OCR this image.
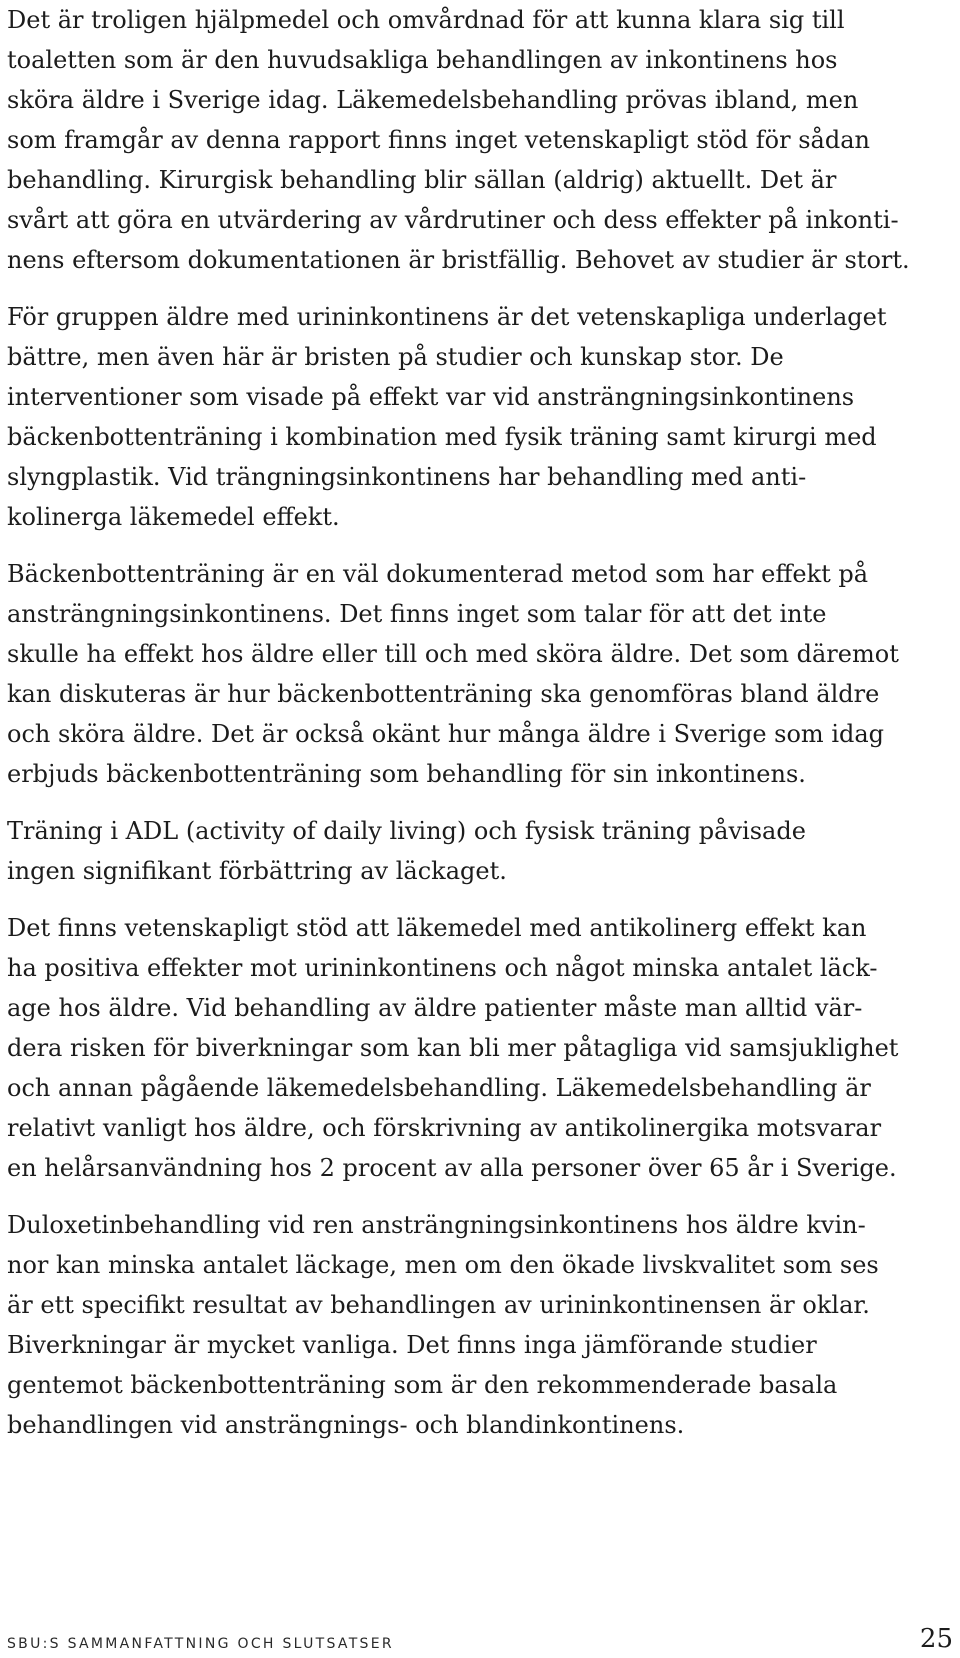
Det är troligen hjälpmedel och omvårdnad för att kunna klara sig till
toaletten som är den huvudsakliga behandlingen av inkontinens hos
sköra äldre i Sverige idag. Läkemedelsbehandling prövas ibland, men
som framgår av denna rapport finns inget vetenskapligt stöd för sådan
behandling. Kirurgisk behandling blir sällan (aldrig) aktuellt. Det är
svårt att göra en utvärdering av vårdrutiner och dess effekter på inkonti-
nens eftersom dokumentationen är bristfällig. Behovet av studier är stort.

För gruppen äldre med urininkontinens är det vetenskapliga underlaget
bättre, men även här är bristen på studier och kunskap stor. De
interventioner som visade på effekt var vid ansträngningsinkontinens
bäckenbottenträning i kombination med fysik träning samt kirurgi med
slyngplastik. Vid trängningsinkontinens har behandling med anti-
kolinerga läkemedel effekt.

Bäckenbottenträning är en väl dokumenterad metod som har effekt på
ansträngningsinkontinens. Det finns inget som talar för att det inte
skulle ha effekt hos äldre eller till och med sköra äldre. Det som däremot
kan diskuteras är hur bäckenbottenträning ska genomföras bland äldre
och sköra äldre. Det är också okänt hur många äldre i Sverige som idag
erbjuds bäckenbottenträning som behandling för sin inkontinens.

Träning i ADL (activity of daily living) och fysisk träning påvisade
ingen signifikant förbättring av läckaget.

Det finns vetenskapligt stöd att läkemedel med antikolinerg effekt kan
ha positiva effekter mot urininkontinens och något minska antalet läck-
age hos äldre. Vid behandling av äldre patienter måste man alltid vär-
dera risken för biverkningar som kan bli mer påtagliga vid samsjuklighet
och annan pågående läkemedelsbehandling. Läkemedelsbehandling är
relativt vanligt hos äldre, och förskrivning av antikolinergika motsvarar
en helårsanvändning hos 2 procent av alla personer över 65 år i Sverige.

Duloxetinbehandling vid ren ansträngningsinkontinens hos äldre kvin-
nor kan minska antalet läckage, men om den ökade livskvalitet som ses
är ett specifikt resultat av behandlingen av urininkontinensen är oklar.
Biverkningar är mycket vanliga. Det finns inga jämförande studier
gentemot bäckenbottenträning som är den rekommenderade basala
behandlingen vid ansträngnings- och blandinkontinens.

SBU:S SAMMANFATTNING OCH SLUTSATSER	25
